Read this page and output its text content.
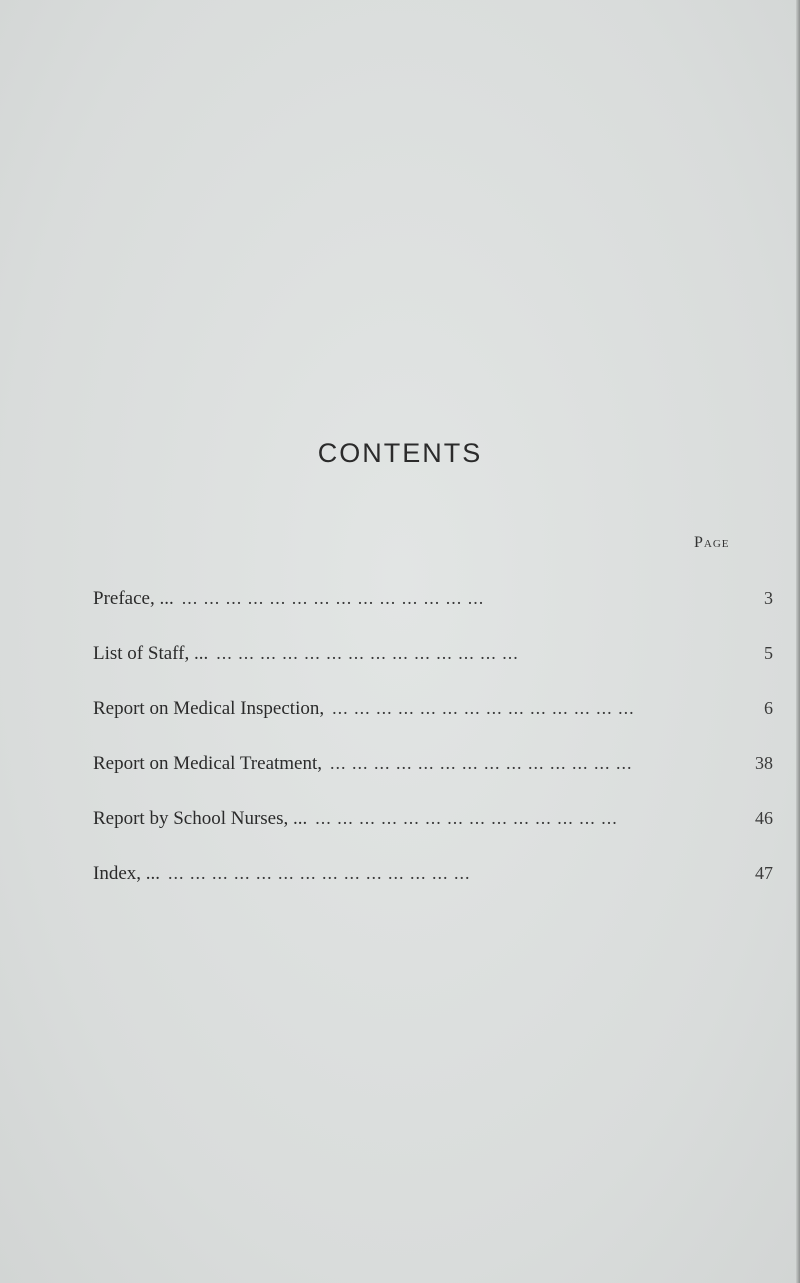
CONTENTS
Page
Preface, ... ... ... ... ... ... ... ... ... ... ... ... ... ... ...	3
List of Staff, ... ... ... ... ... ... ... ... ... ... ... ... ... ... ...	5
Report on Medical Inspection, ... ... ... ... ... ... ... ... ... ... ... ... ... ...	6
Report on Medical Treatment, ... ... ... ... ... ... ... ... ... ... ... ... ... ...	38
Report by School Nurses, ... ... ... ... ... ... ... ... ... ... ... ... ... ... ...	46
Index, ... ... ... ... ... ... ... ... ... ... ... ... ... ... ...	47
